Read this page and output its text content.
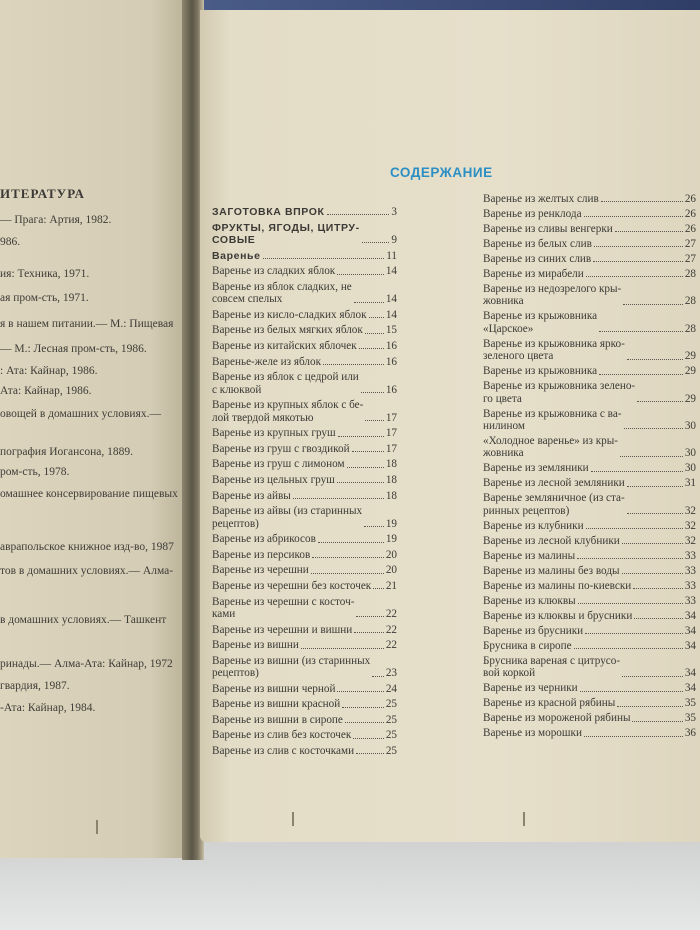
ИТЕРАТУРА
— Прага: Артия, 1982.
986.
ия: Техника, 1971.
ая пром-сть, 1971.
я в нашем питании.— М.: Пищевая
— М.: Лесная пром-сть, 1986.
: Ата: Кайнар, 1986.
Ата: Кайнар, 1986.
овощей в домашних условиях.—
пография Иогансона, 1889.
ром-сть, 1978.
омашнее консервирование пищевых
аврапольское книжное изд-во, 1987
тов в домашних условиях.— Алма-
в домашних условиях.— Ташкент
ринады.— Алма-Ата: Кайнар, 1972
гвардия, 1987.
-Ата: Кайнар, 1984.
СОДЕРЖАНИЕ
ЗАГОТОВКА ВПРОК	3
ФРУКТЫ, ЯГОДЫ, ЦИТРУ-
СОВЫЕ	9
Варенье	11
Варенье из сладких яблок	14
Варенье из яблок сладких, не
совсем спелых	14
Варенье из кисло-сладких яблок 14
Варенье из белых мягких яблок 15
Варенье из китайских яблочек	16
Варенье-желе из яблок	16
Варенье из яблок с цедрой или
с клюквой	16
Варенье из крупных яблок с бе-
лой твердой мякотью	17
Варенье из крупных груш	17
Варенье из груш с гвоздикой	17
Варенье из груш с лимоном	18
Варенье из цельных груш	18
Варенье из айвы	18
Варенье из айвы (из старинных
рецептов)	19
Варенье из абрикосов	19
Варенье из персиков	20
Варенье из черешни	20
Варенье из черешни без косточек 21
Варенье из черешни с косточ-
ками	22
Варенье из черешни и вишни	22
Варенье из вишни	22
Варенье из вишни (из старинных
рецептов)	23
Варенье из вишни черной	24
Варенье из вишни красной	25
Варенье из вишни в сиропе	25
Варенье из слив без косточек	25
Варенье из слив с косточками	25
Варенье из желтых слив	26
Варенье из ренклода	26
Варенье из сливы венгерки	26
Варенье из белых слив	27
Варенье из синих слив	27
Варенье из мирабели	28
Варенье из недозрелого кры-
жовника	28
Варенье из крыжовника
«Царское»	28
Варенье из крыжовника ярко-
зеленого цвета	29
Варенье из крыжовника	29
Варенье из крыжовника зелено-
го цвета	29
Варенье из крыжовника с ва-
нилином	30
«Холодное варенье» из кры-
жовника	30
Варенье из земляники	30
Варенье из лесной земляники	31
Варенье земляничное (из ста-
ринных рецептов)	32
Варенье из клубники	32
Варенье из лесной клубники	32
Варенье из малины	33
Варенье из малины без воды	33
Варенье из малины по-киевски	33
Варенье из клюквы	33
Варенье из клюквы и брусники	34
Варенье из брусники	34
Брусника в сиропе	34
Брусника вареная с цитрусо-
вой коркой	34
Варенье из черники	34
Варенье из красной рябины	35
Варенье из мороженой рябины	35
Варенье из морошки	36
